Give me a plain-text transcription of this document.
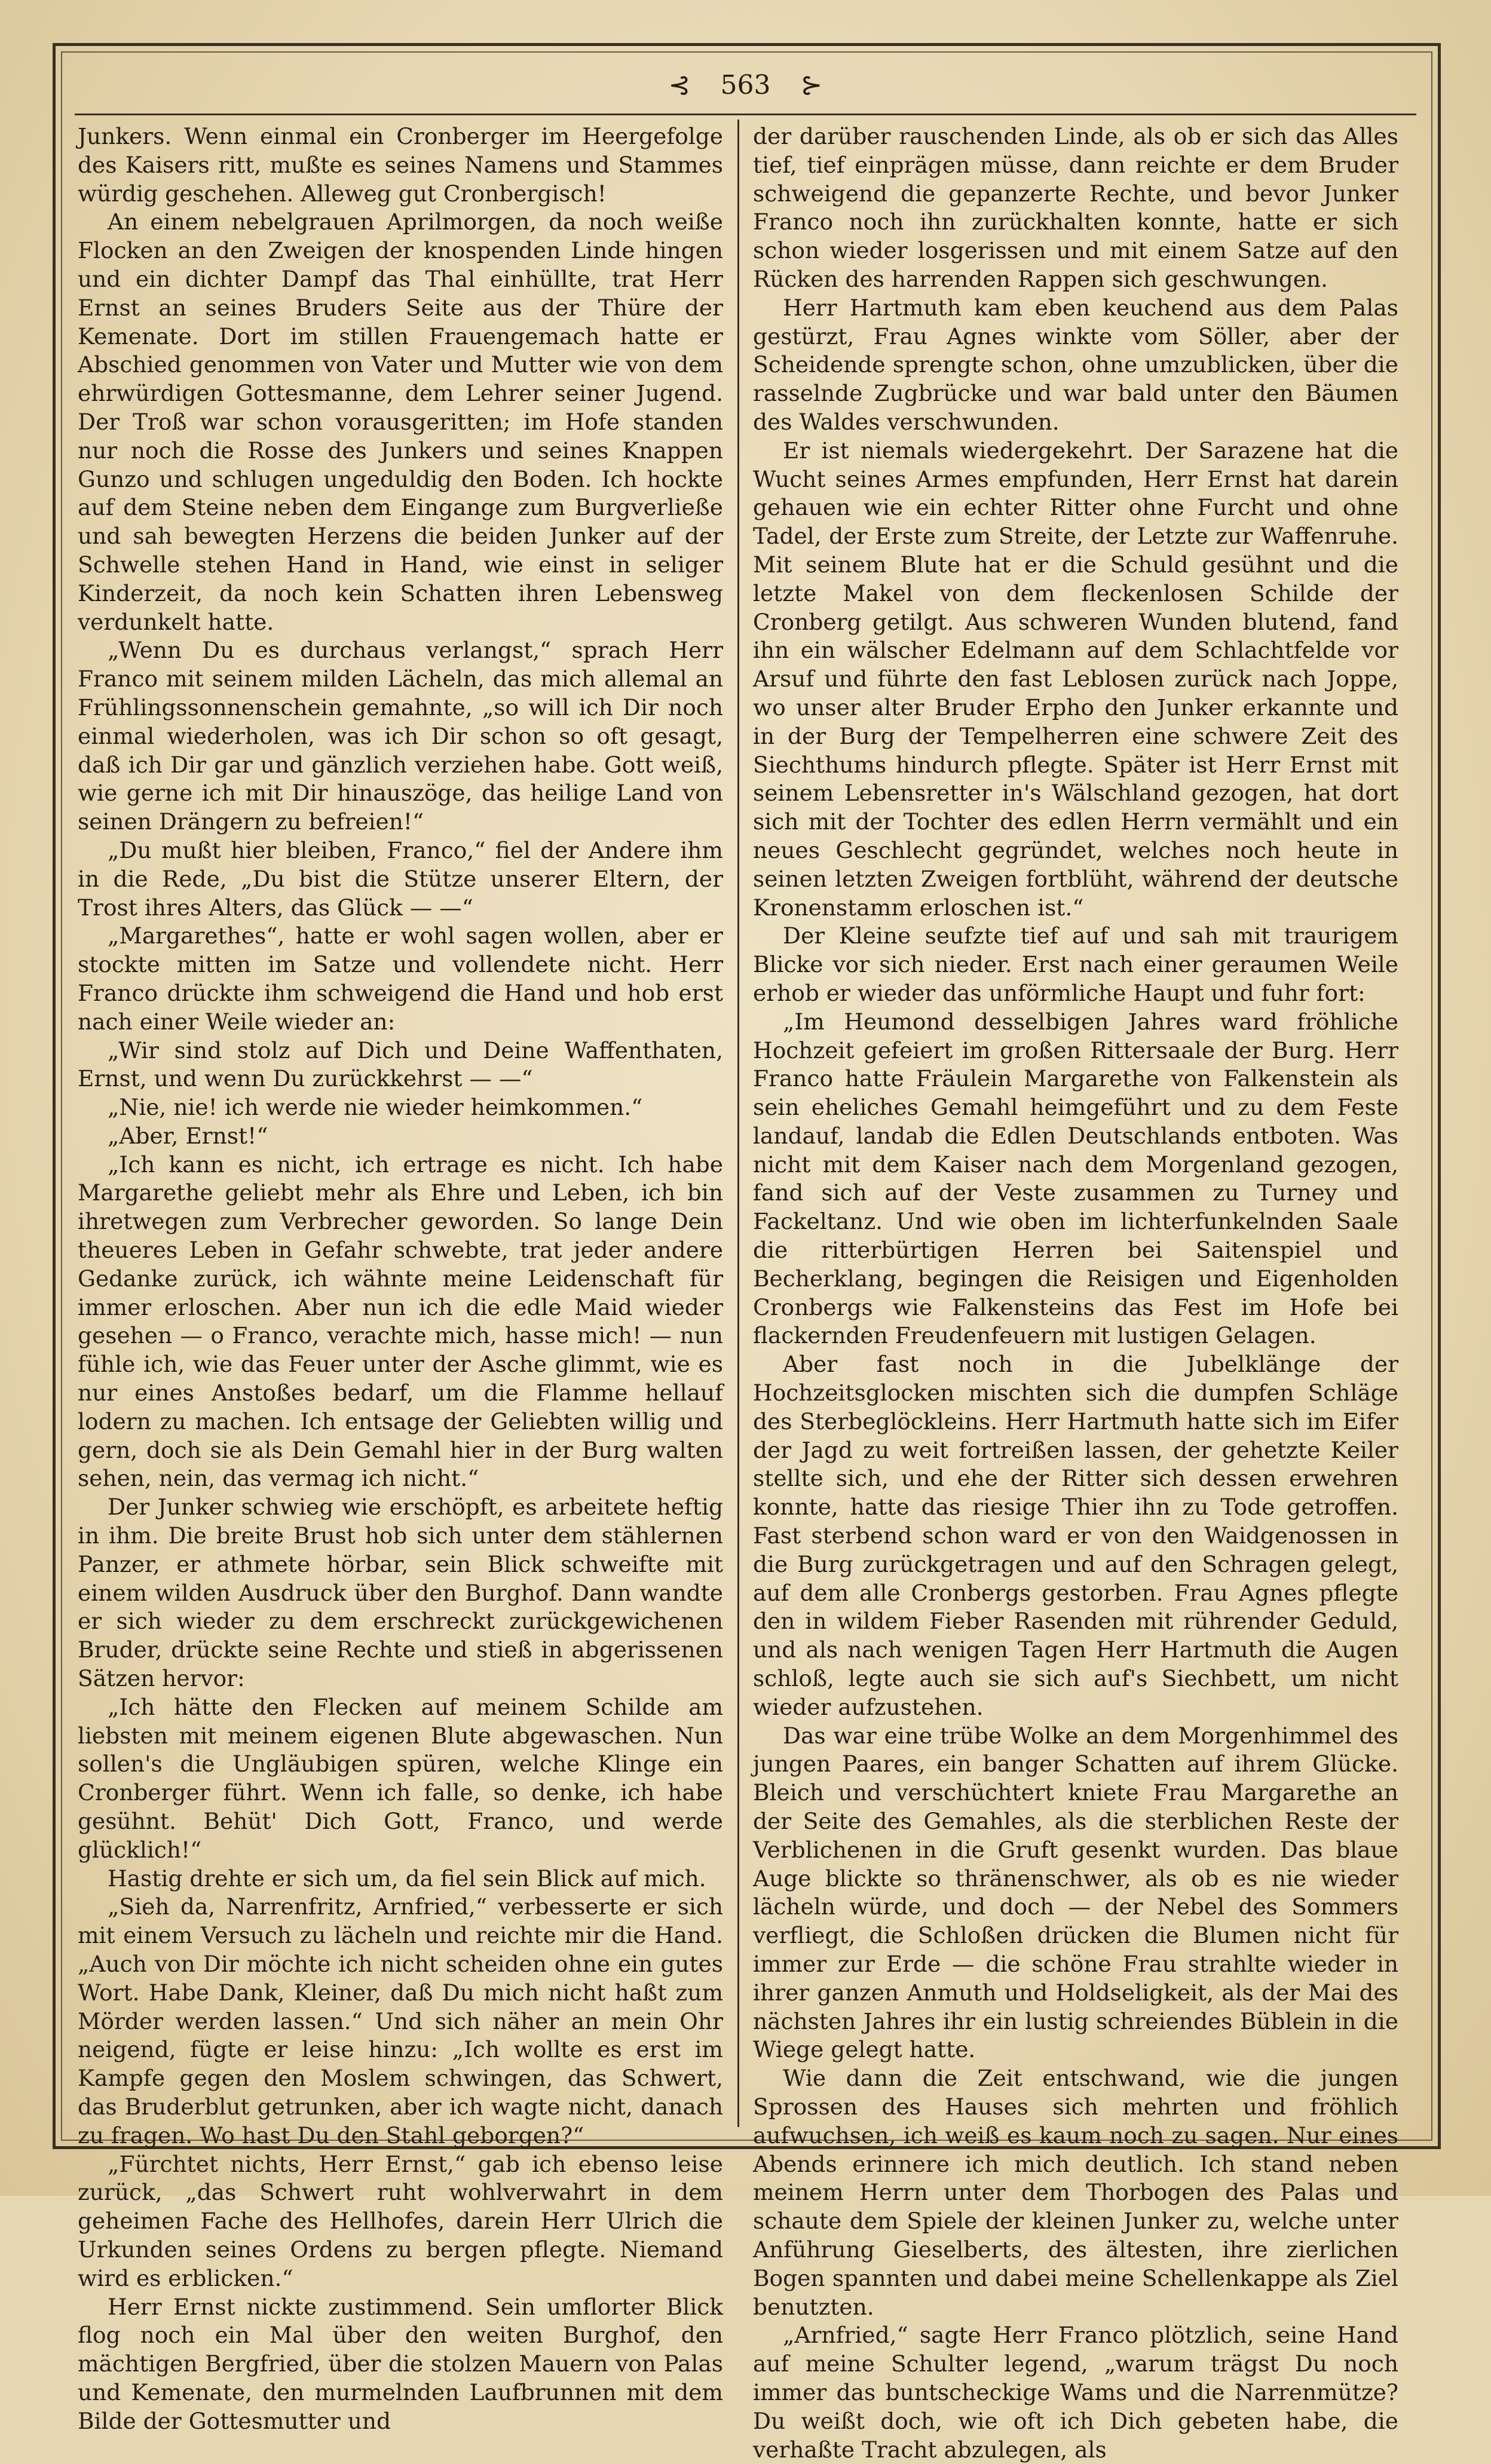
⊰ 563 ⊱

Junkers. Wenn einmal ein Cronberger im Heergefolge des Kaisers ritt, mußte es seines Namens und Stammes würdig geschehen. Alleweg gut Cronbergisch!

An einem nebelgrauen Aprilmorgen, da noch weiße Flocken an den Zweigen der knospenden Linde hingen und ein dichter Dampf das Thal einhüllte, trat Herr Ernst an seines Bruders Seite aus der Thüre der Kemenate. Dort im stillen Frauengemach hatte er Abschied genommen von Vater und Mutter wie von dem ehrwürdigen Gottesmanne, dem Lehrer seiner Jugend. Der Troß war schon vorausgeritten; im Hofe standen nur noch die Rosse des Junkers und seines Knappen Gunzo und schlugen ungeduldig den Boden. Ich hockte auf dem Steine neben dem Eingange zum Burgverließe und sah bewegten Herzens die beiden Junker auf der Schwelle stehen Hand in Hand, wie einst in seliger Kinderzeit, da noch kein Schatten ihren Lebensweg verdunkelt hatte.

„Wenn Du es durchaus verlangst,“ sprach Herr Franco mit seinem milden Lächeln, das mich allemal an Frühlingssonnenschein gemahnte, „so will ich Dir noch einmal wiederholen, was ich Dir schon so oft gesagt, daß ich Dir gar und gänzlich verziehen habe. Gott weiß, wie gerne ich mit Dir hinauszöge, das heilige Land von seinen Drängern zu befreien!“

„Du mußt hier bleiben, Franco,“ fiel der Andere ihm in die Rede, „Du bist die Stütze unserer Eltern, der Trost ihres Alters, das Glück — —“

„Margarethes“, hatte er wohl sagen wollen, aber er stockte mitten im Satze und vollendete nicht. Herr Franco drückte ihm schweigend die Hand und hob erst nach einer Weile wieder an:

„Wir sind stolz auf Dich und Deine Waffenthaten, Ernst, und wenn Du zurückkehrst — —“

„Nie, nie! ich werde nie wieder heimkommen.“

„Aber, Ernst!“

„Ich kann es nicht, ich ertrage es nicht. Ich habe Margarethe geliebt mehr als Ehre und Leben, ich bin ihretwegen zum Verbrecher geworden. So lange Dein theueres Leben in Gefahr schwebte, trat jeder andere Gedanke zurück, ich wähnte meine Leidenschaft für immer erloschen. Aber nun ich die edle Maid wieder gesehen — o Franco, verachte mich, hasse mich! — nun fühle ich, wie das Feuer unter der Asche glimmt, wie es nur eines Anstoßes bedarf, um die Flamme hellauf lodern zu machen. Ich entsage der Geliebten willig und gern, doch sie als Dein Gemahl hier in der Burg walten sehen, nein, das vermag ich nicht.“

Der Junker schwieg wie erschöpft, es arbeitete heftig in ihm. Die breite Brust hob sich unter dem stählernen Panzer, er athmete hörbar, sein Blick schweifte mit einem wilden Ausdruck über den Burghof. Dann wandte er sich wieder zu dem erschreckt zurückgewichenen Bruder, drückte seine Rechte und stieß in abgerissenen Sätzen hervor:

„Ich hätte den Flecken auf meinem Schilde am liebsten mit meinem eigenen Blute abgewaschen. Nun sollen's die Ungläubigen spüren, welche Klinge ein Cronberger führt. Wenn ich falle, so denke, ich habe gesühnt. Behüt' Dich Gott, Franco, und werde glücklich!“

Hastig drehte er sich um, da fiel sein Blick auf mich.

„Sieh da, Narrenfritz, Arnfried,“ verbesserte er sich mit einem Versuch zu lächeln und reichte mir die Hand. „Auch von Dir möchte ich nicht scheiden ohne ein gutes Wort. Habe Dank, Kleiner, daß Du mich nicht haßt zum Mörder werden lassen.“ Und sich näher an mein Ohr neigend, fügte er leise hinzu: „Ich wollte es erst im Kampfe gegen den Moslem schwingen, das Schwert, das Bruderblut getrunken, aber ich wagte nicht, danach zu fragen. Wo hast Du den Stahl geborgen?“

„Fürchtet nichts, Herr Ernst,“ gab ich ebenso leise zurück, „das Schwert ruht wohlverwahrt in dem geheimen Fache des Hellhofes, darein Herr Ulrich die Urkunden seines Ordens zu bergen pflegte. Niemand wird es erblicken.“

Herr Ernst nickte zustimmend. Sein umflorter Blick flog noch ein Mal über den weiten Burghof, den mächtigen Bergfried, über die stolzen Mauern von Palas und Kemenate, den murmelnden Laufbrunnen mit dem Bilde der Gottesmutter und

der darüber rauschenden Linde, als ob er sich das Alles tief, tief einprägen müsse, dann reichte er dem Bruder schweigend die gepanzerte Rechte, und bevor Junker Franco noch ihn zurückhalten konnte, hatte er sich schon wieder losgerissen und mit einem Satze auf den Rücken des harrenden Rappen sich geschwungen.

Herr Hartmuth kam eben keuchend aus dem Palas gestürzt, Frau Agnes winkte vom Söller, aber der Scheidende sprengte schon, ohne umzublicken, über die rasselnde Zugbrücke und war bald unter den Bäumen des Waldes verschwunden.

Er ist niemals wiedergekehrt. Der Sarazene hat die Wucht seines Armes empfunden, Herr Ernst hat darein gehauen wie ein echter Ritter ohne Furcht und ohne Tadel, der Erste zum Streite, der Letzte zur Waffenruhe. Mit seinem Blute hat er die Schuld gesühnt und die letzte Makel von dem fleckenlosen Schilde der Cronberg getilgt. Aus schweren Wunden blutend, fand ihn ein wälscher Edelmann auf dem Schlachtfelde vor Arsuf und führte den fast Leblosen zurück nach Joppe, wo unser alter Bruder Erpho den Junker erkannte und in der Burg der Tempelherren eine schwere Zeit des Siechthums hindurch pflegte. Später ist Herr Ernst mit seinem Lebensretter in's Wälschland gezogen, hat dort sich mit der Tochter des edlen Herrn vermählt und ein neues Geschlecht gegründet, welches noch heute in seinen letzten Zweigen fortblüht, während der deutsche Kronenstamm erloschen ist.“

Der Kleine seufzte tief auf und sah mit traurigem Blicke vor sich nieder. Erst nach einer geraumen Weile erhob er wieder das unförmliche Haupt und fuhr fort:

„Im Heumond desselbigen Jahres ward fröhliche Hochzeit gefeiert im großen Rittersaale der Burg. Herr Franco hatte Fräulein Margarethe von Falkenstein als sein eheliches Gemahl heimgeführt und zu dem Feste landauf, landab die Edlen Deutschlands entboten. Was nicht mit dem Kaiser nach dem Morgenland gezogen, fand sich auf der Veste zusammen zu Turney und Fackeltanz. Und wie oben im lichterfunkelnden Saale die ritterbürtigen Herren bei Saitenspiel und Becherklang, begingen die Reisigen und Eigenholden Cronbergs wie Falkensteins das Fest im Hofe bei flackernden Freudenfeuern mit lustigen Gelagen.

Aber fast noch in die Jubelklänge der Hochzeitsglocken mischten sich die dumpfen Schläge des Sterbeglöckleins. Herr Hartmuth hatte sich im Eifer der Jagd zu weit fortreißen lassen, der gehetzte Keiler stellte sich, und ehe der Ritter sich dessen erwehren konnte, hatte das riesige Thier ihn zu Tode getroffen. Fast sterbend schon ward er von den Waidgenossen in die Burg zurückgetragen und auf den Schragen gelegt, auf dem alle Cronbergs gestorben. Frau Agnes pflegte den in wildem Fieber Rasenden mit rührender Geduld, und als nach wenigen Tagen Herr Hartmuth die Augen schloß, legte auch sie sich auf's Siechbett, um nicht wieder aufzustehen.

Das war eine trübe Wolke an dem Morgenhimmel des jungen Paares, ein banger Schatten auf ihrem Glücke. Bleich und verschüchtert kniete Frau Margarethe an der Seite des Gemahles, als die sterblichen Reste der Verblichenen in die Gruft gesenkt wurden. Das blaue Auge blickte so thränenschwer, als ob es nie wieder lächeln würde, und doch — der Nebel des Sommers verfliegt, die Schloßen drücken die Blumen nicht für immer zur Erde — die schöne Frau strahlte wieder in ihrer ganzen Anmuth und Holdseligkeit, als der Mai des nächsten Jahres ihr ein lustig schreiendes Büblein in die Wiege gelegt hatte.

Wie dann die Zeit entschwand, wie die jungen Sprossen des Hauses sich mehrten und fröhlich aufwuchsen, ich weiß es kaum noch zu sagen. Nur eines Abends erinnere ich mich deutlich. Ich stand neben meinem Herrn unter dem Thorbogen des Palas und schaute dem Spiele der kleinen Junker zu, welche unter Anführung Gieselberts, des ältesten, ihre zierlichen Bogen spannten und dabei meine Schellenkappe als Ziel benutzten.

„Arnfried,“ sagte Herr Franco plötzlich, seine Hand auf meine Schulter legend, „warum trägst Du noch immer das buntscheckige Wams und die Narrenmütze? Du weißt doch, wie oft ich Dich gebeten habe, die verhaßte Tracht abzulegen, als
